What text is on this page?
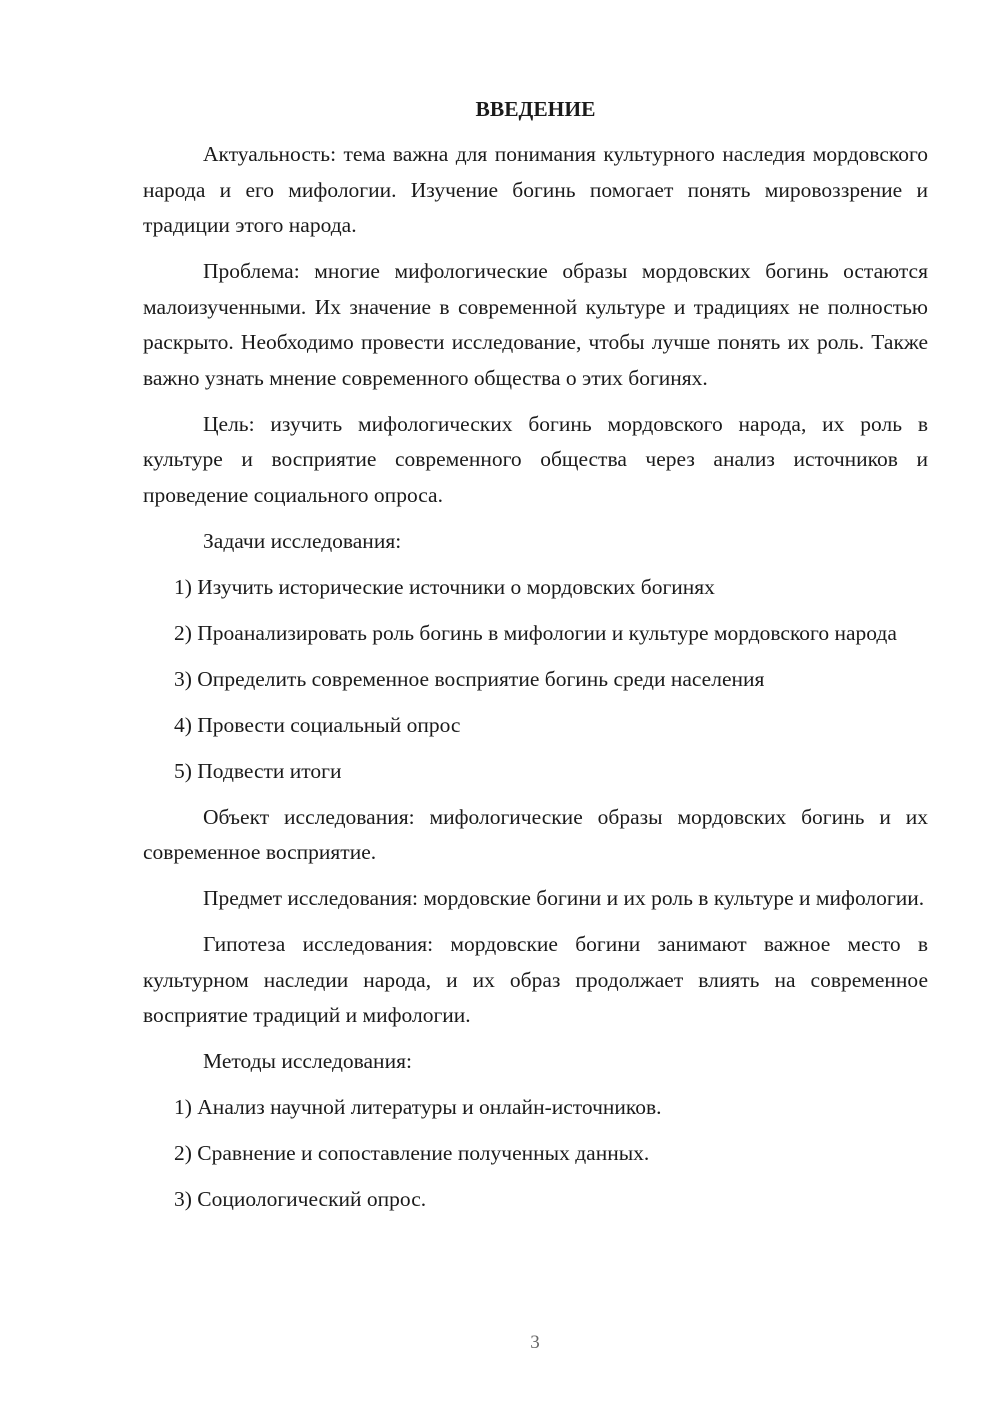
ВВЕДЕНИЕ

Актуальность: тема важна для понимания культурного наследия мордовского народа и его мифологии. Изучение богинь помогает понять мировоззрение и традиции этого народа.

Проблема: многие мифологические образы мордовских богинь остаются малоизученными. Их значение в современной культуре и традициях не полностью раскрыто. Необходимо провести исследование, чтобы лучше понять их роль. Также важно узнать мнение современного общества о этих богинях.

Цель: изучить мифологических богинь мордовского народа, их роль в культуре и восприятие современного общества через анализ источников и проведение социального опроса.

Задачи исследования:

1) Изучить исторические источники о мордовских богинях

2) Проанализировать роль богинь в мифологии и культуре мордовского народа

3) Определить современное восприятие богинь среди населения

4) Провести социальный опрос

5) Подвести итоги

Объект исследования: мифологические образы мордовских богинь и их современное восприятие.

Предмет исследования: мордовские богини и их роль в культуре и мифологии.

Гипотеза исследования: мордовские богини занимают важное место в культурном наследии народа, и их образ продолжает влиять на современное восприятие традиций и мифологии.

Методы исследования:

1) Анализ научной литературы и онлайн-источников.

2) Сравнение и сопоставление полученных данных.

3) Социологический опрос.

3
